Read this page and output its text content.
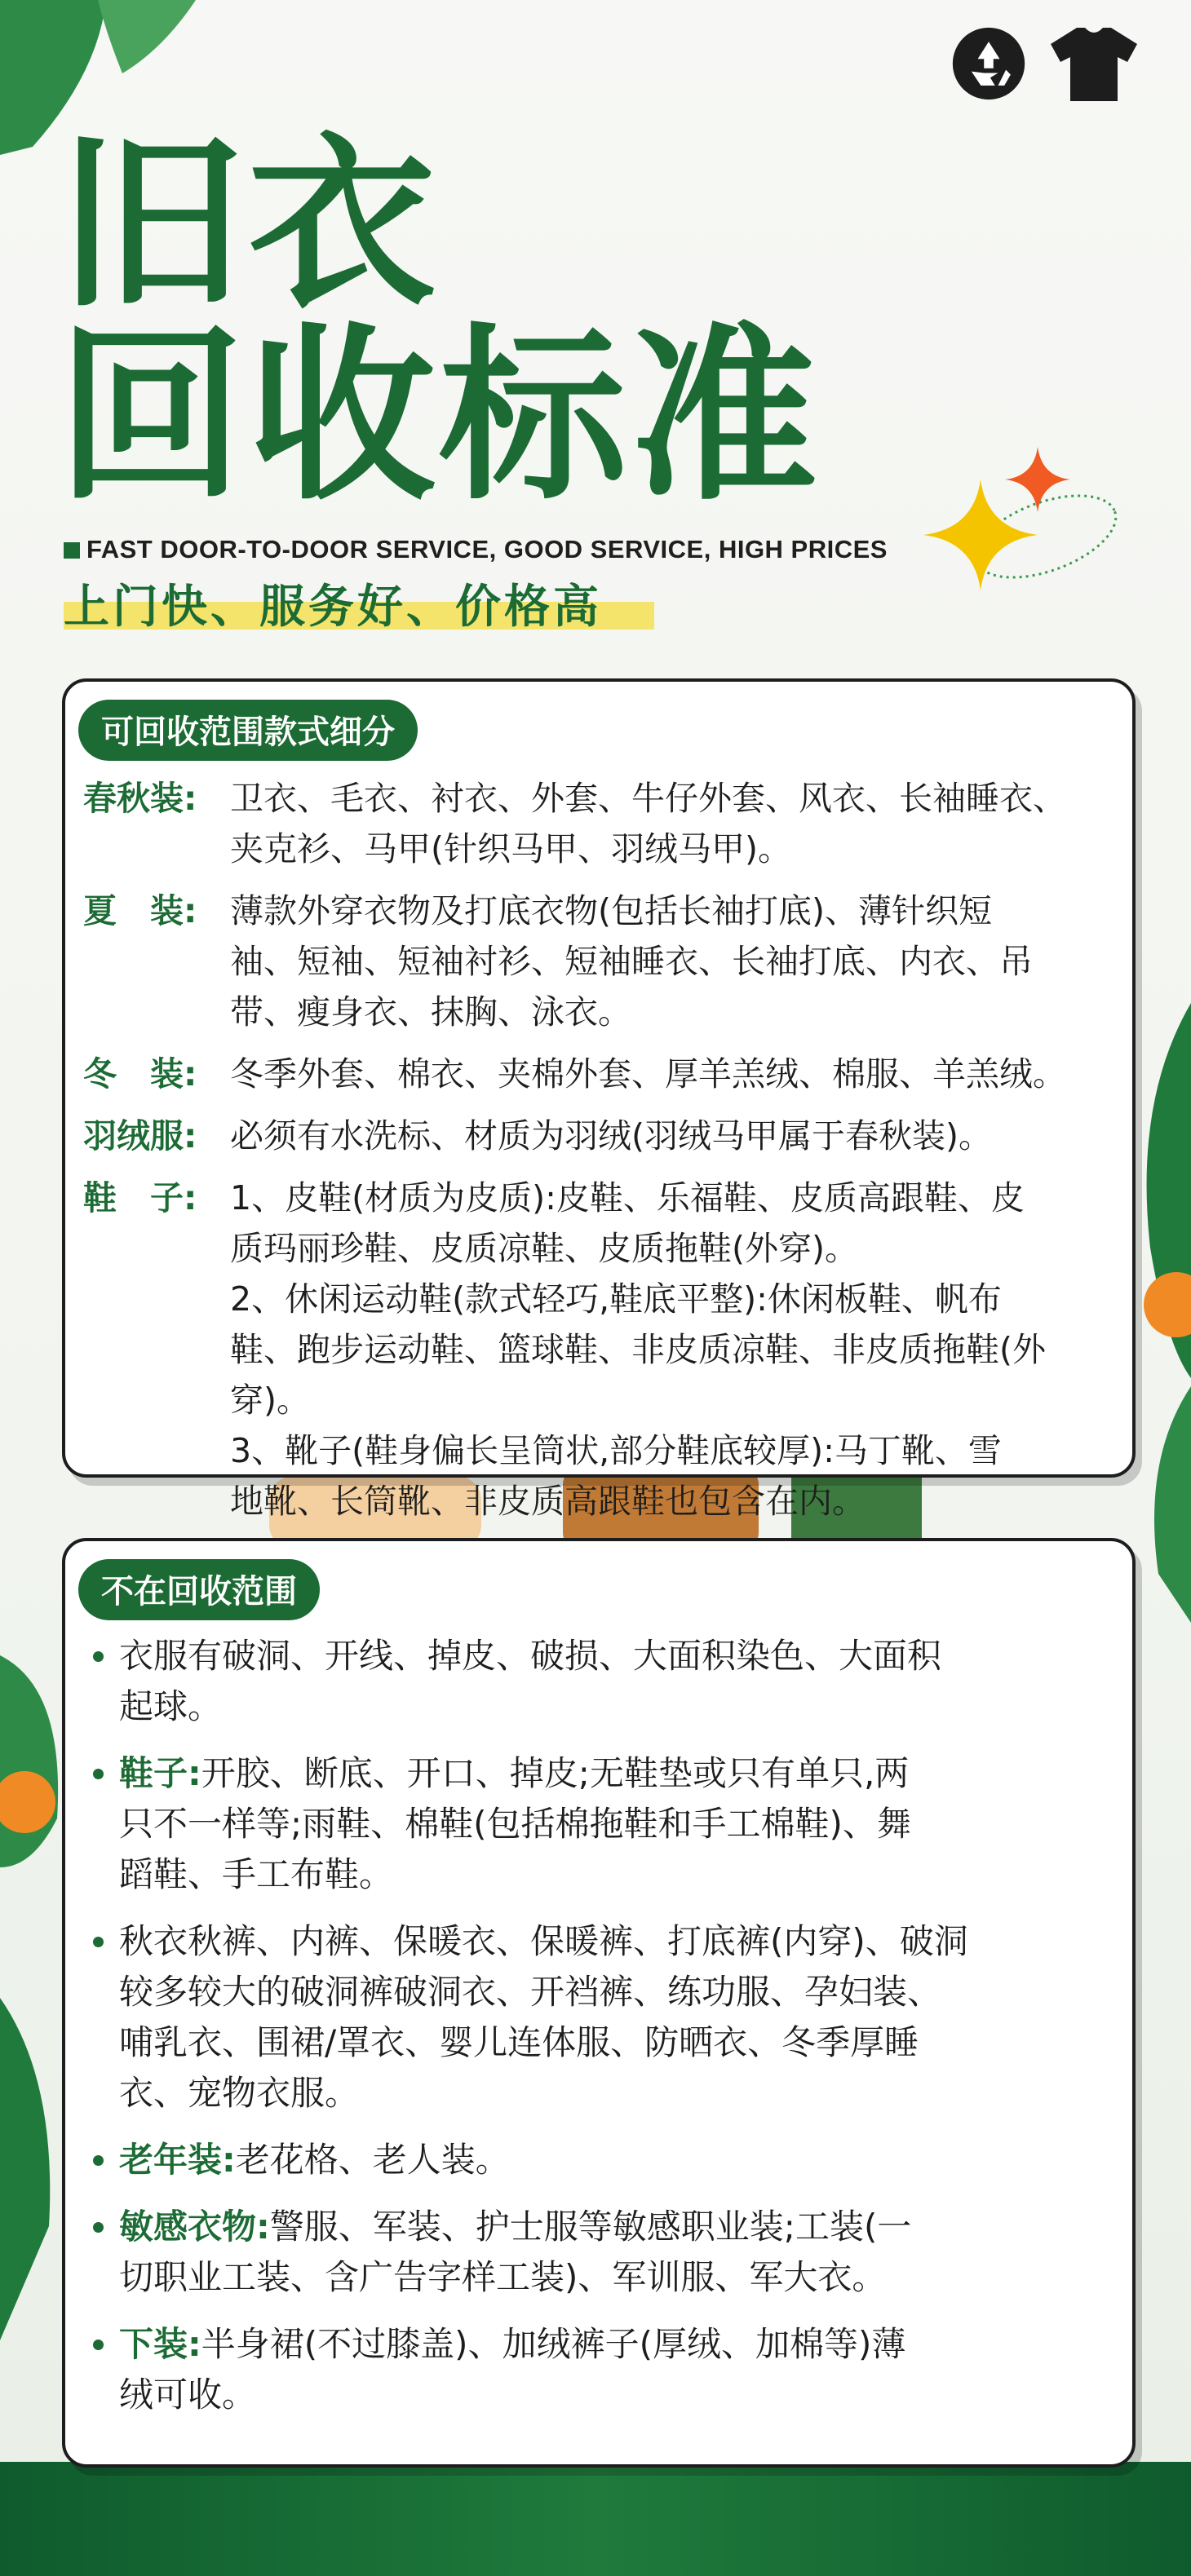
旧衣
回收标准
FAST DOOR-TO-DOOR SERVICE, GOOD SERVICE, HIGH PRICES
上门快、服务好、价格高
可回收范围款式细分
春秋装: 卫衣、毛衣、衬衣、外套、牛仔外套、风衣、长袖睡衣、
夹克衫、马甲(针织马甲、羽绒马甲)。
夏　装: 薄款外穿衣物及打底衣物(包括长袖打底)、薄针织短
袖、短袖、短袖衬衫、短袖睡衣、长袖打底、内衣、吊
带、瘦身衣、抹胸、泳衣。
冬　装: 冬季外套、棉衣、夹棉外套、厚羊羔绒、棉服、羊羔绒。
羽绒服: 必须有水洗标、材质为羽绒(羽绒马甲属于春秋装)。
鞋　子: 1、皮鞋(材质为皮质):皮鞋、乐福鞋、皮质高跟鞋、皮
质玛丽珍鞋、皮质凉鞋、皮质拖鞋(外穿)。
2、休闲运动鞋(款式轻巧,鞋底平整):休闲板鞋、帆布
鞋、跑步运动鞋、篮球鞋、非皮质凉鞋、非皮质拖鞋(外
穿)。
3、靴子(鞋身偏长呈筒状,部分鞋底较厚):马丁靴、雪
地靴、长筒靴、非皮质高跟鞋也包含在内。
不在回收范围
衣服有破洞、开线、掉皮、破损、大面积染色、大面积
起球。
鞋子:开胶、断底、开口、掉皮;无鞋垫或只有单只,两
只不一样等;雨鞋、棉鞋(包括棉拖鞋和手工棉鞋)、舞
蹈鞋、手工布鞋。
秋衣秋裤、内裤、保暖衣、保暖裤、打底裤(内穿)、破洞
较多较大的破洞裤破洞衣、开裆裤、练功服、孕妇装、
哺乳衣、围裙/罩衣、婴儿连体服、防晒衣、冬季厚睡
衣、宠物衣服。
老年装:老花格、老人装。
敏感衣物:警服、军装、护士服等敏感职业装;工装(一
切职业工装、含广告字样工装)、军训服、军大衣。
下装:半身裙(不过膝盖)、加绒裤子(厚绒、加棉等)薄
绒可收。
